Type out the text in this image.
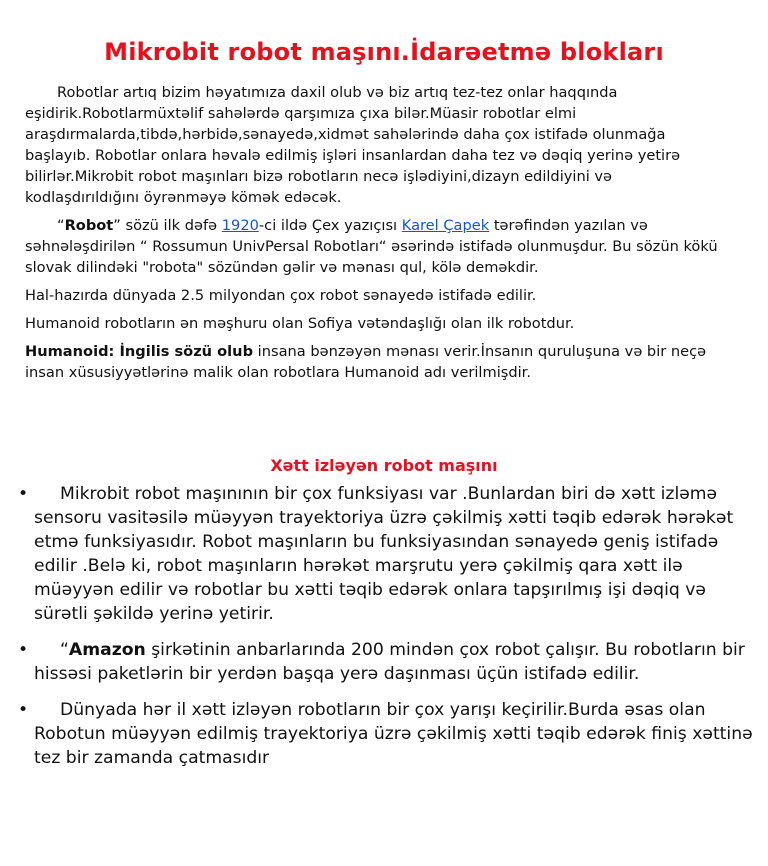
Mikrobit robot maşını.İdarəetmə blokları

Robotlar artıq bizim həyatımıza daxil olub və biz artıq tez-tez onlar haqqında eşidirik.Robotlarmüxtəlif sahələrdə qarşımıza çıxa bilər.Müasir robotlar elmi araşdırmalarda,tibdə,hərbidə,sənayedə,xidmət sahələrində daha çox istifadə olunmağa başlayıb. Robotlar onlara həvalə edilmiş işləri insanlardan daha tez və dəqiq yerinə yetirə bilirlər.Mikrobit robot maşınları bizə robotların necə işlədiyini,dizayn edildiyini və kodlaşdırıldığını öyrənməyə kömək edəcək.

“Robot” sözü ilk dəfə 1920-ci ildə Çex yazıçısı Karel Çapek tərəfindən yazılan və səhnələşdirilən “ Rossumun UnivPersal Robotları“ əsərində istifadə olunmuşdur. Bu sözün kökü slovak dilindəki "robota" sözündən gəlir və mənası qul, kölə deməkdir.

Hal-hazırda dünyada 2.5 milyondan çox robot sənayedə istifadə edilir.

Humanoid robotların ən məşhuru olan Sofiya vətəndaşlığı olan ilk robotdur.

Humanoid: İngilis sözü olub insana bənzəyən mənası verir.İnsanın quruluşuna və bir neçə insan xüsusiyyətlərinə malik olan robotlara Humanoid adı verilmişdir.

Xətt izləyən robot maşını
•	Mikrobit robot maşınının bir çox funksiyası var .Bunlardan biri də xətt izləmə sensoru vasitəsilə müəyyən trayektoriya üzrə çəkilmiş xətti təqib edərək hərəkət etmə funksiyasıdır. Robot maşınların bu funksiyasından sənayedə geniş istifadə edilir .Belə ki, robot maşınların hərəkət marşrutu yerə çəkilmiş qara xətt ilə müəyyən edilir və robotlar bu xətti təqib edərək onlara tapşırılmış işi dəqiq və sürətli şəkildə yerinə yetirir.
•	“Amazon şirkətinin anbarlarında 200 mindən çox robot çalışır. Bu robotların bir hissəsi paketlərin bir yerdən başqa yerə daşınması üçün istifadə edilir.
•	Dünyada hər il xətt izləyən robotların bir çox yarışı keçirilir.Burda əsas olan Robotun müəyyən edilmiş trayektoriya üzrə çəkilmiş xətti təqib edərək finiş xəttinə tez bir zamanda çatmasıdır
